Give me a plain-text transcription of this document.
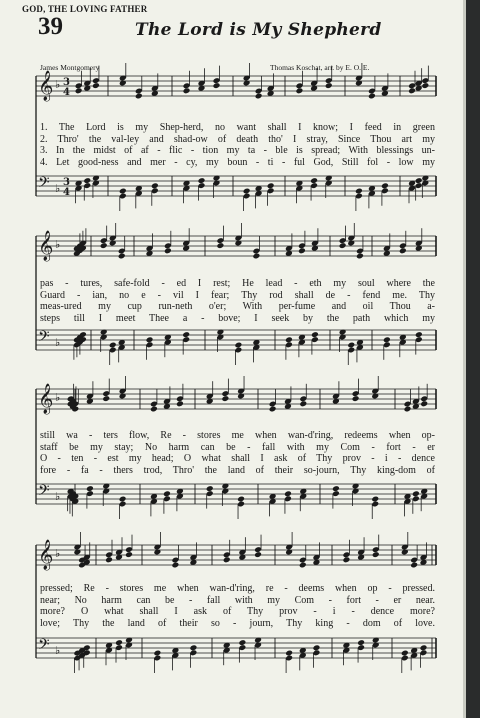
GOD, THE LOVING FATHER
39	The Lord is My Shepherd
James Montgomery	Thomas Koschat, arr. by E. O. E.
𝄞 ♭ 3
4
𝄢 ♭ 3
4
𝄞 ♭
𝄢 ♭
𝄞 ♭
𝄢 ♭
𝄞 ♭
𝄢 ♭
1. The Lord is my Shep-herd, no want shall I know; I feed in green
2. Thro' the val-ley and shad-ow of death tho' I stray, Since Thou art my
3. In the midst of af - flic - tion my ta - ble is spread; With blessings un-
4. Let good-ness and mer - cy, my boun - ti - ful God, Still fol - low my
pas - tures, safe-fold - ed I rest; He lead - eth my soul where the
Guard - ian, no e - vil I fear; Thy rod shall de - fend me. Thy
meas-ured my cup run-neth o'er; With per-fume and oil Thou a-
steps till I meet Thee a - bove; I seek by the path which my
still wa - ters flow, Re - stores me when wan-d'ring, redeems when op-
staff be my stay; No harm can be - fall with my Com - fort - er
O - ten - est my head; O what shall I ask of Thy prov - i - dence
fore - fa - thers trod, Thro' the land of their so-journ, Thy king-dom of
pressed; Re - stores me when wan-d'ring, re - deems when op - pressed.
near; No harm can be - fall with my Com - fort - er near.
more? O what shall I ask of Thy prov - i - dence more?
love; Thy the land of their so - journ, Thy king - dom of love.
